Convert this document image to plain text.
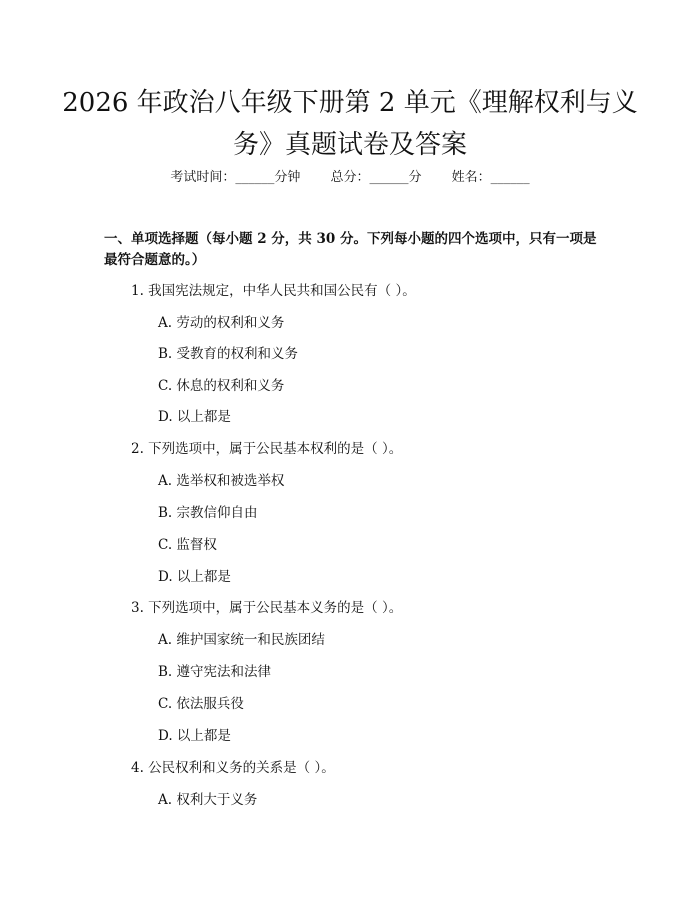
2026 年政治八年级下册第 2 单元《理解权利与义务》真题试卷及答案
考试时间：______分钟 总分：______分 姓名：______
一、单项选择题（每小题 2 分，共 30 分。下列每小题的四个选项中，只有一项是最符合题意的。）
1. 我国宪法规定，中华人民共和国公民有（ ）。
A. 劳动的权利和义务
B. 受教育的权利和义务
C. 休息的权利和义务
D. 以上都是
2. 下列选项中，属于公民基本权利的是（ ）。
A. 选举权和被选举权
B. 宗教信仰自由
C. 监督权
D. 以上都是
3. 下列选项中，属于公民基本义务的是（ ）。
A. 维护国家统一和民族团结
B. 遵守宪法和法律
C. 依法服兵役
D. 以上都是
4. 公民权利和义务的关系是（ ）。
A. 权利大于义务
